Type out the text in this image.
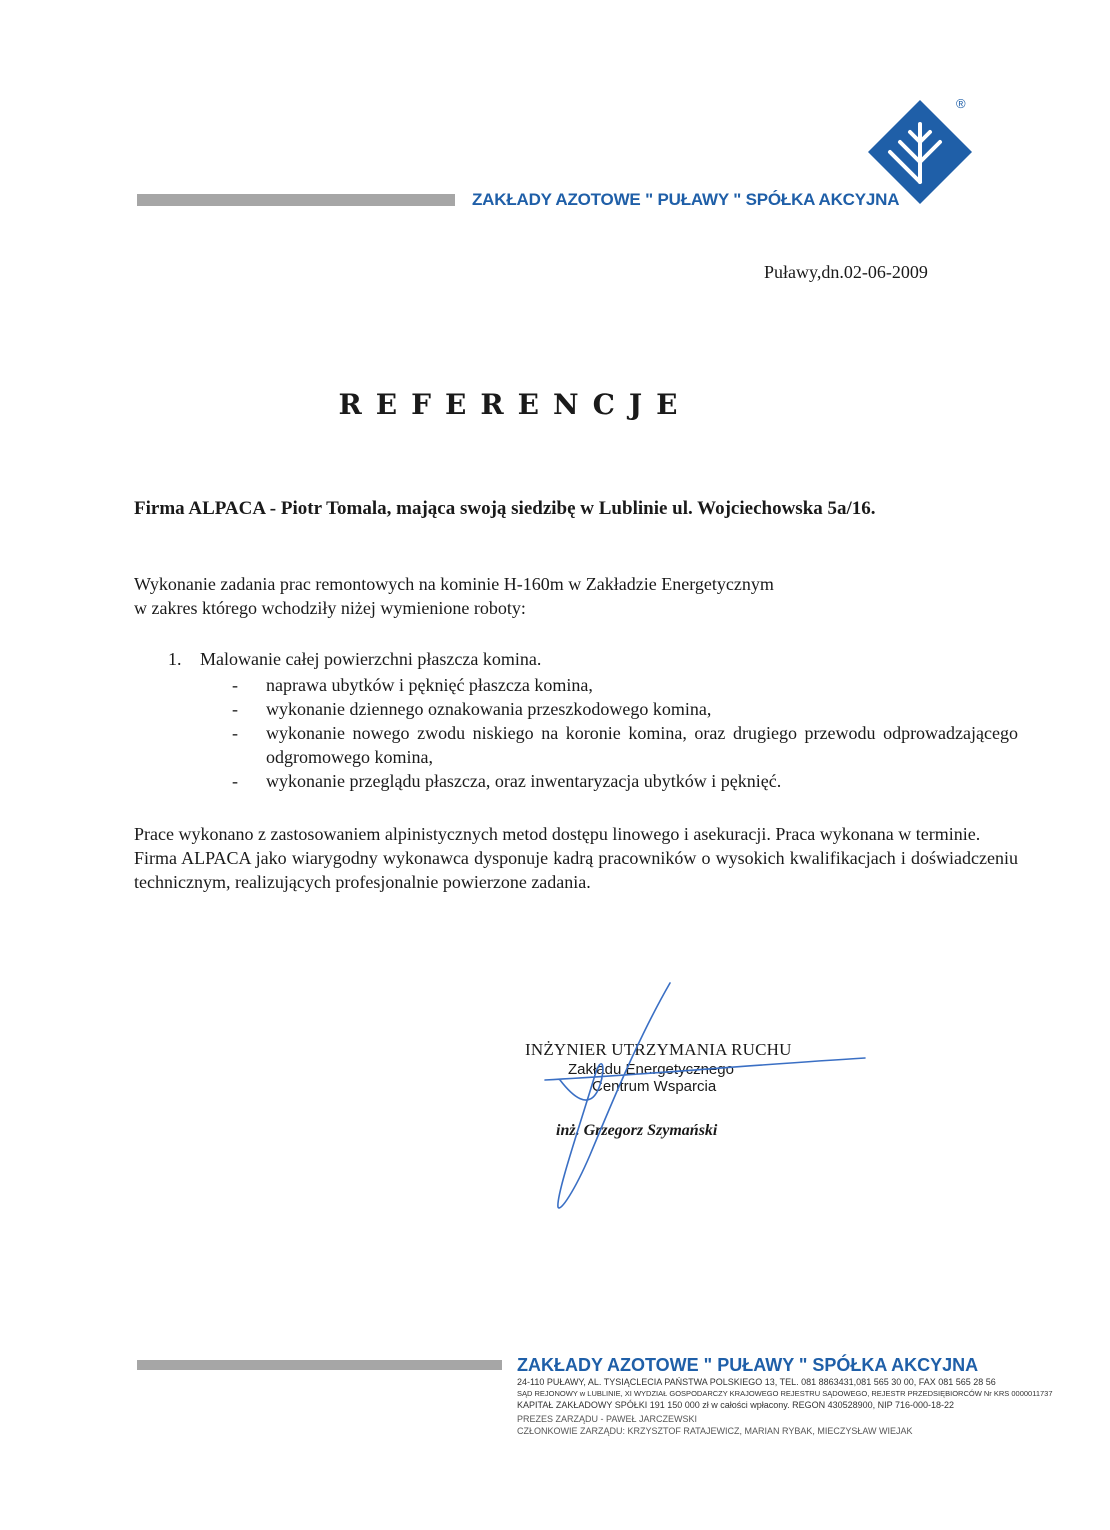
®
ZAKŁADY AZOTOWE " PUŁAWY " SPÓŁKA AKCYJNA
Puławy,dn.02-06-2009
REFERENCJE
Firma ALPACA - Piotr Tomala, mająca swoją siedzibę w Lublinie ul. Wojciechowska 5a/16.
Wykonanie zadania prac remontowych na kominie H-160m w Zakładzie Energetycznym
w zakres którego wchodziły niżej wymienione roboty:
1. Malowanie całej powierzchni płaszcza komina.
- naprawa ubytków i pęknięć płaszcza komina,
- wykonanie dziennego oznakowania przeszkodowego komina,
- wykonanie nowego zwodu niskiego na koronie komina, oraz drugiego przewodu odprowadzającego odgromowego komina,
- wykonanie przeglądu płaszcza, oraz inwentaryzacja ubytków i pęknięć.
Prace wykonano z zastosowaniem alpinistycznych metod dostępu linowego i asekuracji. Praca wykonana w terminie.
Firma ALPACA jako wiarygodny wykonawca dysponuje kadrą pracowników o wysokich kwalifikacjach i doświadczeniu technicznym, realizujących profesjonalnie powierzone zadania.
INŻYNIER UTRZYMANIA RUCHU
Zakładu Energetycznego
Centrum Wsparcia
inż. Grzegorz Szymański
ZAKŁADY AZOTOWE " PUŁAWY " SPÓŁKA AKCYJNA
24-110 PUŁAWY, AL. TYSIĄCLECIA PAŃSTWA POLSKIEGO 13, TEL. 081 8863431,081 565 30 00, FAX 081 565 28 56
SĄD REJONOWY w LUBLINIE, XI WYDZIAŁ GOSPODARCZY KRAJOWEGO REJESTRU SĄDOWEGO, REJESTR PRZEDSIĘBIORCÓW Nr KRS 0000011737
KAPITAŁ ZAKŁADOWY SPÓŁKI 191 150 000 zł w całości wpłacony. REGON 430528900, NIP 716-000-18-22
PREZES ZARZĄDU - PAWEŁ JARCZEWSKI
CZŁONKOWIE ZARZĄDU: KRZYSZTOF RATAJEWICZ, MARIAN RYBAK, MIECZYSŁAW WIEJAK
